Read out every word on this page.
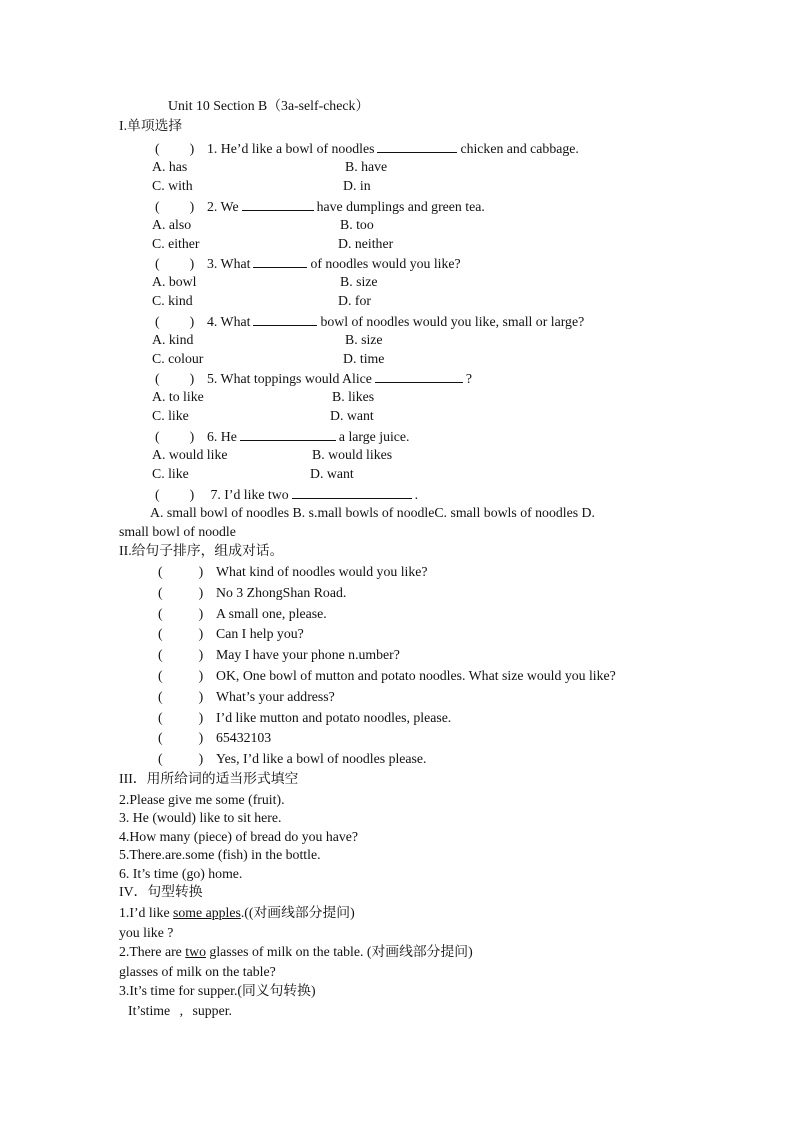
Unit 10 Section B（3a-self-check）
I.单项选择
( ) 1. He’d like a bowl of noodles	chicken and cabbage.
A. has	B. have
C. with	D. in
( ) 2. We	have dumplings and green tea.
A. also	B. too
C. either	D. neither
( ) 3. What	of noodles would you like?
A. bowl	B. size
C. kind	D. for
( ) 4. What	bowl of noodles would you like, small or large?
A. kind	B. size
C. colour	D. time
( ) 5. What toppings would Alice	?
A. to like	B. likes
C. like	D. want
( ) 6. He	a large juice.
A. would like	B. would likes
C. like	D. want
( ) 7. I’d like two	.
A. small bowl of noodles B. s.mall bowls of noodleC. small bowls of noodles D.
small bowl of noodle
II.给句子排序，组成对话。
(	) What kind of noodles would you like?
(	) No 3 ZhongShan Road.
(	) A small one, please.
(	) Can I help you?
(	) May I have your phone n.umber?
(	) OK, One bowl of mutton and potato noodles. What size would you like?
(	) What’s your address?
(	) I’d like mutton and potato noodles, please.
(	) 65432103
(	) Yes, I’d like a bowl of noodles please.
III．用所给词的适当形式填空
2.Please give me some (fruit).
3. He (would) like to sit here.
4.How many (piece) of bread do you have?
5.There.are.some (fish) in the bottle.
6. It’s time (go) home.
IV．句型转换
1.I’d like some apples.((对画线部分提问)
you like ?
2.There are two glasses of milk on the table. (对画线部分提问)
glasses of milk on the table?
3.It’s time for supper.(同义句转换)
It’stime , supper.
